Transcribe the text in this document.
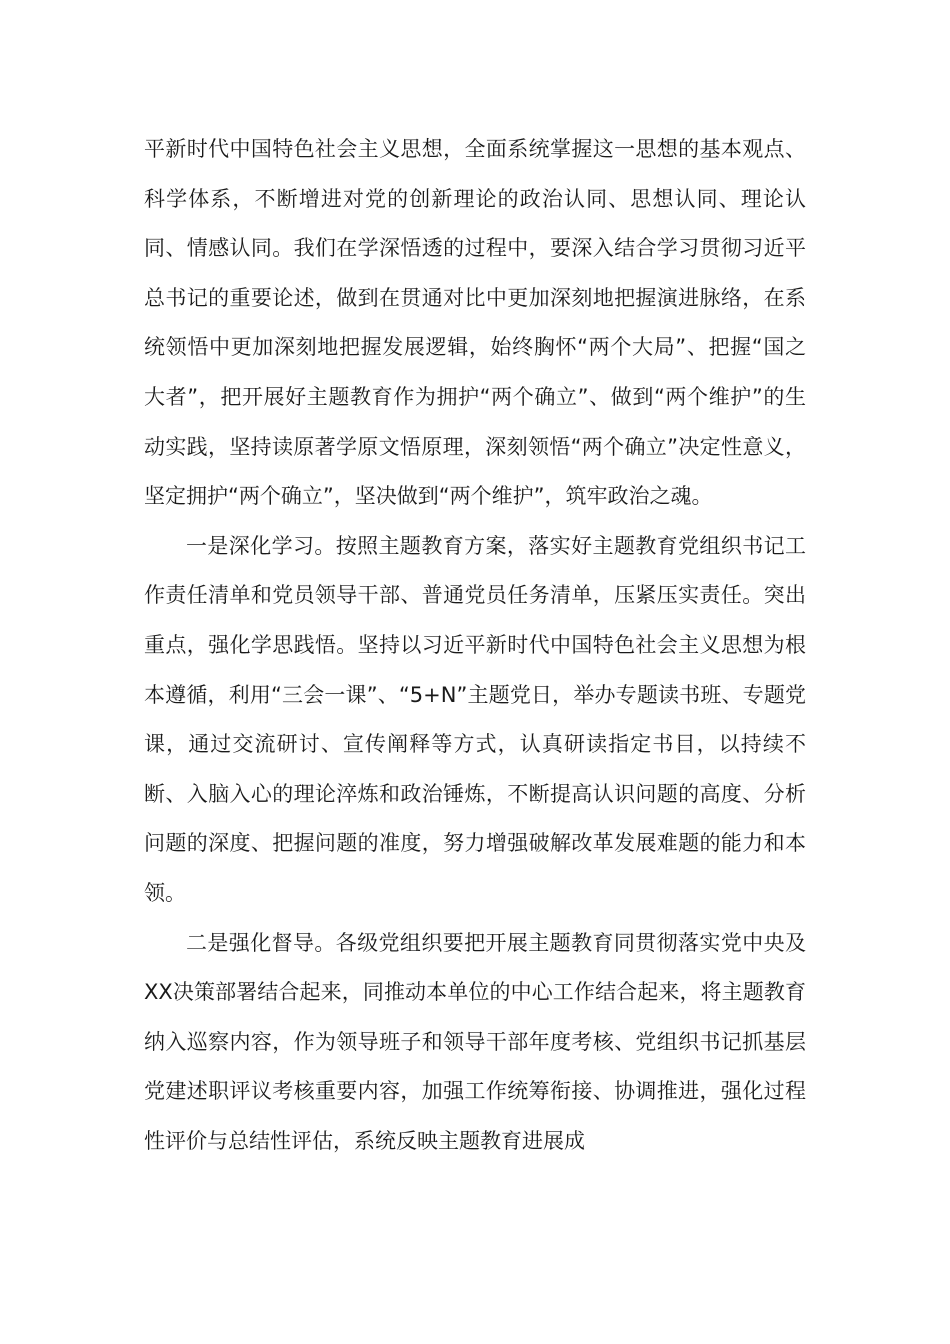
平新时代中国特色社会主义思想，全面系统掌握这一思想的基本观点、科学体系，不断增进对党的创新理论的政治认同、思想认同、理论认同、情感认同。我们在学深悟透的过程中，要深入结合学习贯彻习近平总书记的重要论述，做到在贯通对比中更加深刻地把握演进脉络，在系统领悟中更加深刻地把握发展逻辑，始终胸怀“两个大局”、把握“国之大者”，把开展好主题教育作为拥护“两个确立”、做到“两个维护”的生动实践，坚持读原著学原文悟原理，深刻领悟“两个确立”决定性意义，坚定拥护“两个确立”，坚决做到“两个维护”，筑牢政治之魂。

一是深化学习。按照主题教育方案，落实好主题教育党组织书记工作责任清单和党员领导干部、普通党员任务清单，压紧压实责任。突出重点，强化学思践悟。坚持以习近平新时代中国特色社会主义思想为根本遵循，利用“三会一课”、“5+N”主题党日，举办专题读书班、专题党课，通过交流研讨、宣传阐释等方式，认真研读指定书目，以持续不断、入脑入心的理论淬炼和政治锤炼，不断提高认识问题的高度、分析问题的深度、把握问题的准度，努力增强破解改革发展难题的能力和本领。

二是强化督导。各级党组织要把开展主题教育同贯彻落实党中央及XX决策部署结合起来，同推动本单位的中心工作结合起来，将主题教育纳入巡察内容，作为领导班子和领导干部年度考核、党组织书记抓基层党建述职评议考核重要内容，加强工作统筹衔接、协调推进，强化过程性评价与总结性评估，系统反映主题教育进展成
